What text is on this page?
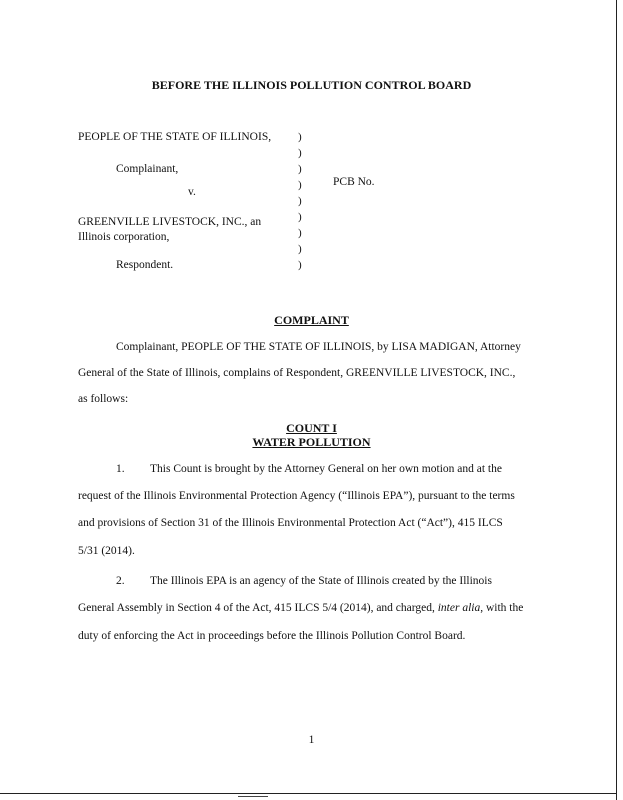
BEFORE THE ILLINOIS POLLUTION CONTROL BOARD
PEOPLE OF THE STATE OF ILLINOIS,
Complainant,
v.
GREENVILLE LIVESTOCK, INC., an
Illinois corporation,
Respondent.
)
)
)
)
)
)
)
)
)
PCB No.
COMPLAINT
Complainant, PEOPLE OF THE STATE OF ILLINOIS, by LISA MADIGAN, Attorney
General of the State of Illinois, complains of Respondent, GREENVILLE LIVESTOCK, INC.,
as follows:
COUNT I
WATER POLLUTION
1. This Count is brought by the Attorney General on her own motion and at the
request of the Illinois Environmental Protection Agency (“Illinois EPA”), pursuant to the terms
and provisions of Section 31 of the Illinois Environmental Protection Act (“Act”), 415 ILCS
5/31 (2014).
2. The Illinois EPA is an agency of the State of Illinois created by the Illinois
General Assembly in Section 4 of the Act, 415 ILCS 5/4 (2014), and charged, inter alia, with the
duty of enforcing the Act in proceedings before the Illinois Pollution Control Board.
1
